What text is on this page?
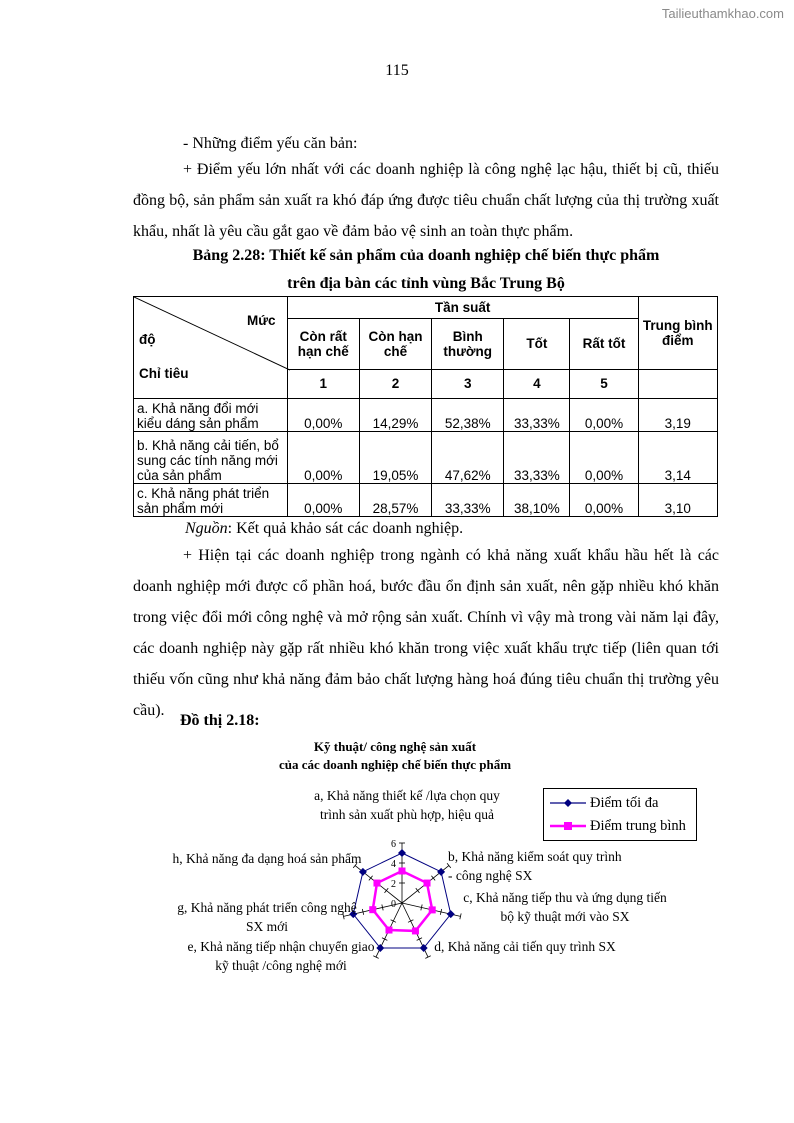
Tailieuthamkhao.com
115

- Những điểm yếu căn bản:

+ Điểm yếu lớn nhất với các doanh nghiệp là công nghệ lạc hậu, thiết bị cũ, thiếu đồng bộ, sản phẩm sản xuất ra khó đáp ứng được tiêu chuẩn chất lượng của thị trường xuất khẩu, nhất là yêu cầu gắt gao về đảm bảo vệ sinh an toàn thực phẩm.

Bảng 2.28: Thiết kế sản phẩm của doanh nghiệp chế biến thực phẩm
trên địa bàn các tỉnh vùng Bắc Trung Bộ
Mức
độ
Chỉ tiêu	Tần suất					Trung bình điểm
	Còn rất hạn chế	Còn hạn chế	Bình thường	Tốt	Rất tốt	
	1	2	3	4	5	
a. Khả năng đổi mới kiểu dáng sản phẩm	0,00%	14,29%	52,38%	33,33%	0,00%	3,19
b. Khả năng cải tiến, bổ sung các tính năng mới của sản phẩm	0,00%	19,05%	47,62%	33,33%	0,00%	3,14
c. Khả năng phát triển sản phẩm mới	0,00%	28,57%	33,33%	38,10%	0,00%	3,10
Nguồn: Kết quả khảo sát các doanh nghiệp.

+ Hiện tại các doanh nghiệp trong ngành có khả năng xuất khẩu hầu hết là các doanh nghiệp mới được cổ phần hoá, bước đầu ổn định sản xuất, nên gặp nhiều khó khăn trong việc đổi mới công nghệ và mở rộng sản xuất. Chính vì vậy mà trong vài năm lại đây, các doanh nghiệp này gặp rất nhiều khó khăn trong việc xuất khẩu trực tiếp (liên quan tới thiếu vốn cũng như khả năng đảm bảo chất lượng hàng hoá đúng tiêu chuẩn thị trường yêu cầu).

Đồ thị 2.18:
Kỹ thuật/ công nghệ sản xuất
của các doanh nghiệp chế biến thực phẩm
0
2
4
6
a, Khả năng thiết kế /lựa chọn quy trình sản xuất phù hợp, hiệu quả
b, Khả năng kiểm soát quy trình - công nghệ SX
c, Khả năng tiếp thu và ứng dụng tiến bộ kỹ thuật mới vào SX
d, Khả năng cải tiến quy trình SX
e, Khả năng tiếp nhận chuyển giao kỹ thuật /công nghệ mới
g, Khả năng phát triển công nghệ SX mới
h, Khả năng đa dạng hoá sản phẩm
Điểm tối đa
Điểm trung bình
